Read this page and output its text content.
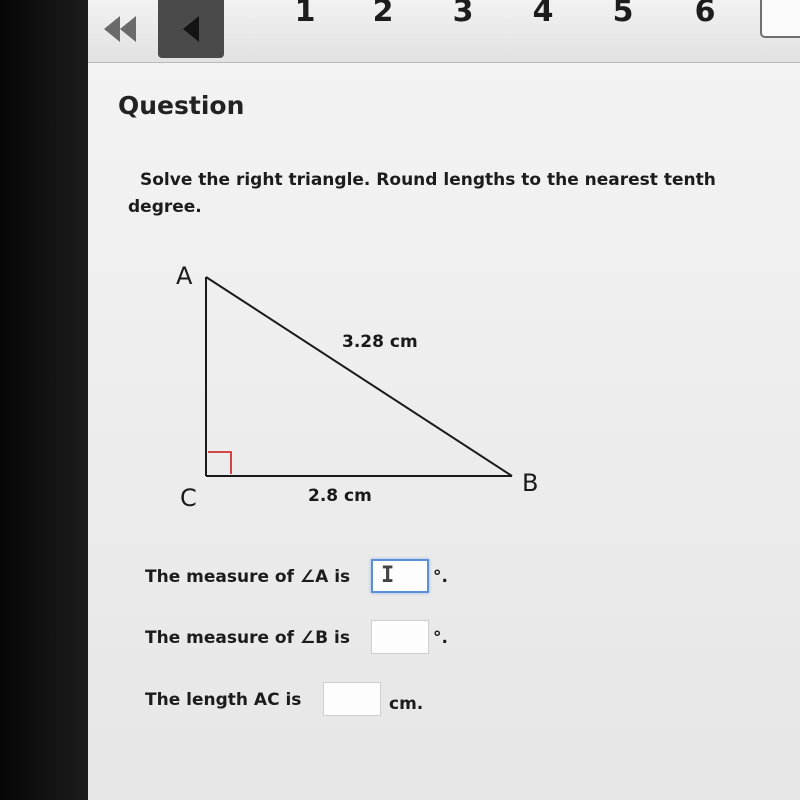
1	2	3	4	5	6
Question
Solve the right triangle. Round lengths to the nearest tenth
degree.
A
B
C
3.28 cm
2.8 cm
The measure of ∠A is I °.
The measure of ∠B is	°.
The length AC is	cm.
